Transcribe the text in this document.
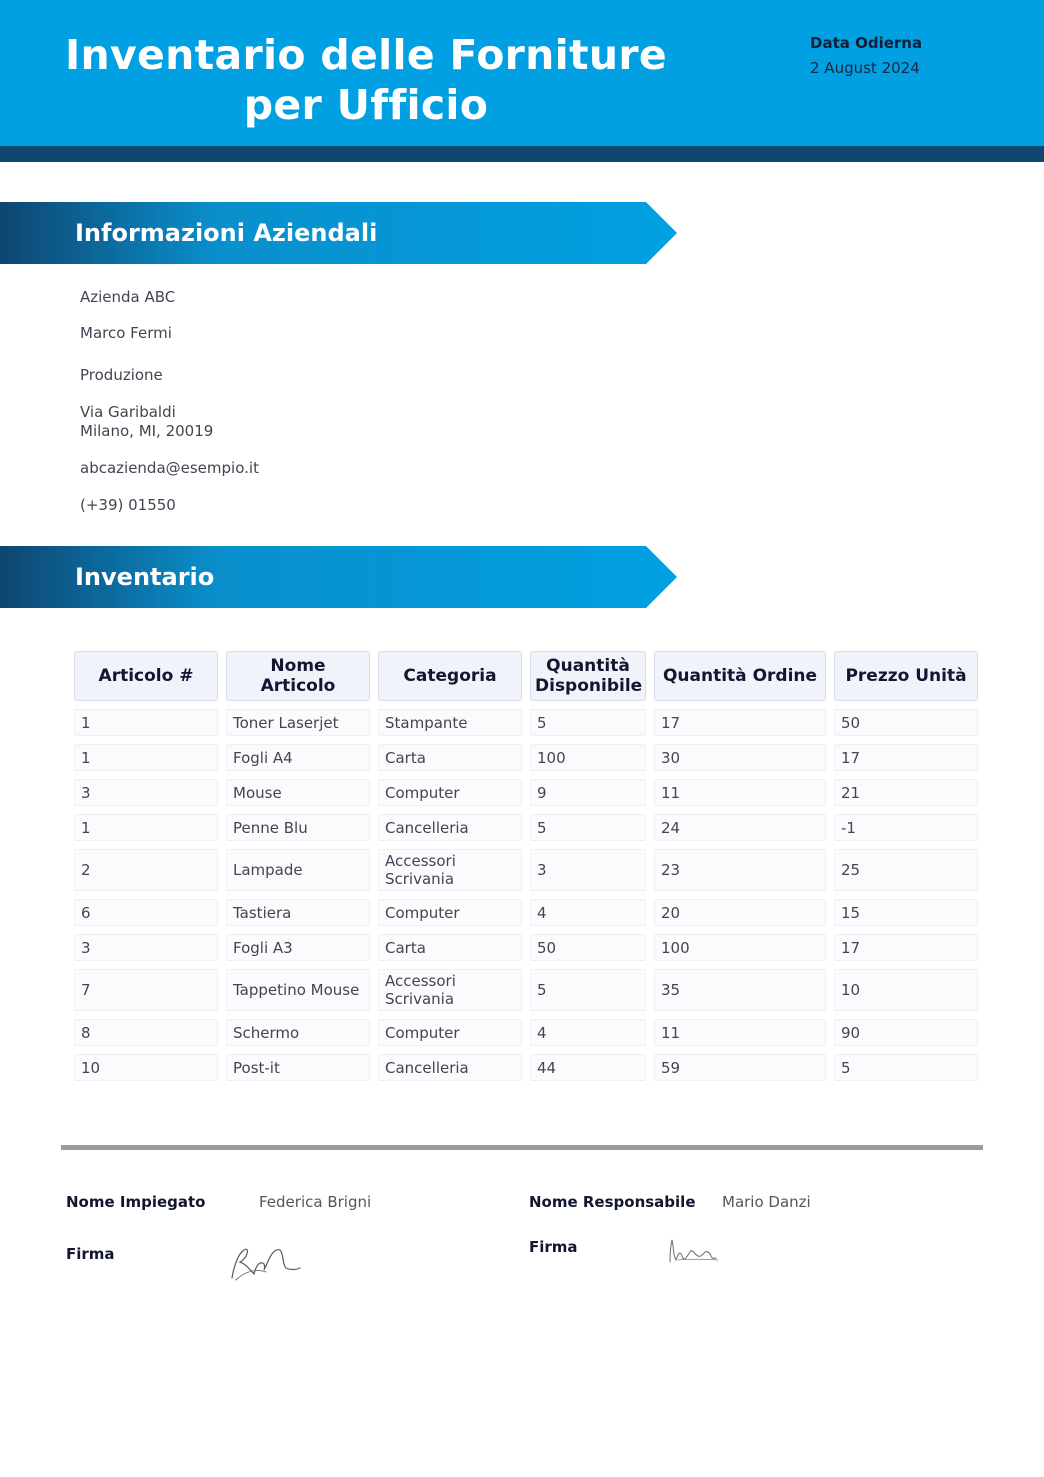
Inventario delle Forniture per Ufficio
Data Odierna
2 August 2024
Informazioni Aziendali
Azienda ABC
Marco Fermi
Produzione
Via Garibaldi
Milano, MI, 20019
abcazienda@esempio.it
(+39) 01550
Inventario
Articolo #	Nome Articolo	Categoria	Quantità Disponibile	Quantità Ordine	Prezzo Unità
1	Toner Laserjet	Stampante	5	17	50
1	Fogli A4	Carta	100	30	17
3	Mouse	Computer	9	11	21
1	Penne Blu	Cancelleria	5	24	-1
2	Lampade	Accessori Scrivania	3	23	25
6	Tastiera	Computer	4	20	15
3	Fogli A3	Carta	50	100	17
7	Tappetino Mouse	Accessori Scrivania	5	35	10
8	Schermo	Computer	4	11	90
10	Post-it	Cancelleria	44	59	5
Nome Impiegato	Federica Brigni	Nome Responsabile Mario Danzi
Firma	Firma
